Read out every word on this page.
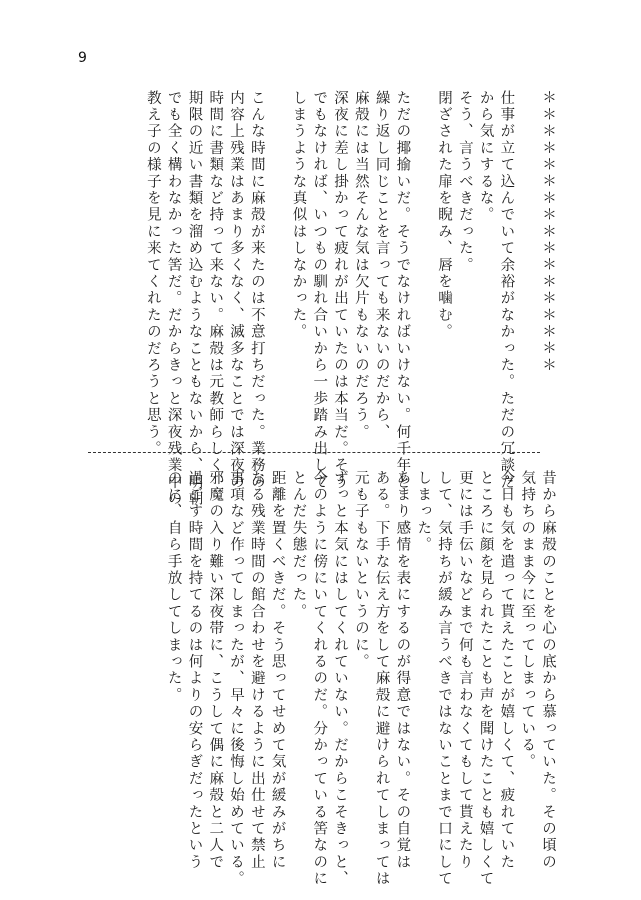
9
＊＊＊＊＊＊＊＊＊＊＊＊＊＊＊＊＊

仕事が立て込んでいて余裕がなかった。ただの冗談だ
から気にするな。
そう、言うべきだった。
閉ざされた扉を睨み、唇を噛む。

ただの揶揄いだ。そうでなければいけない。何千年と
繰り返し同じことを言っても来ないのだから、
麻殻には当然そんな気は欠片もないのだろう。
深夜に差し掛かって疲れが出ていたのは本当だ。そう
でもなければ、いつもの馴れ合いから一歩踏み出して
しまうような真似はしなかった。

こんな時間に麻殻が来たのは不意打ちだった。業務の
内容上残業はあまり多くなく、滅多なことでは深夜の
時間に書類など持って来ない。麻殻は元教師らしく、
期限の近い書類を溜め込むようなこともないから、明朝
でも全く構わなかった筈だ。だからきっと深夜残業中の
教え子の様子を見に来てくれたのだろうと思う。
昔から麻殻のことを心の底から慕っていた。その頃の
気持ちのまま今に至ってしまっている。
今日も気を遣って貰えたことが嬉しくて、疲れていた
ところに顔を見られたことも声を聞けたことも嬉しくて
更には手伝いなどまで何も言わなくてもして貰えたり
して、気持ちが緩み言うべきではないことまで口にして
しまった。
あまり感情を表にするのが得意ではない。その自覚は
ある。下手な伝え方をして麻殻に避けられてしまっては
元も子もないというのに。
ずっと本気にはしてくれていない。だからこそきっと、
今のように傍にいてくれるのだ。分かっている筈なのに
とんだ失態だった。
距離を置くべきだ。そう思ってせめて気が緩みがちに
なる残業時間の館合わせを避けるように出仕せて禁止
事項など作ってしまったが、早々に後悔し始めている。
邪魔の入り難い深夜帯に、こうして偶に麻殻と二人で
過ごす時間を持てるのは何よりの安らぎだったという
のに、自ら手放してしまった。
